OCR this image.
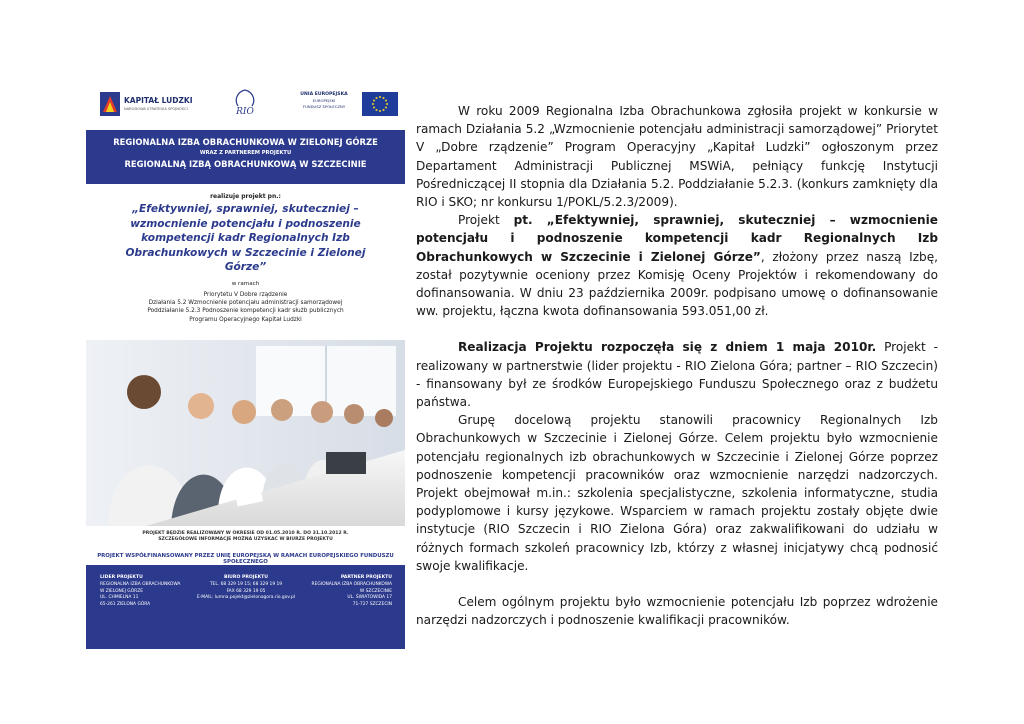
KAPITAŁ LUDZKI
NARODOWA STRATEGIA SPÓJNOŚCI	RIO
UNIA EUROPEJSKA
EUROPEJSKI
FUNDUSZ SPOŁECZNY
REGIONALNA IZBA OBRACHUNKOWA W ZIELONEJ GÓRZE
WRAZ Z PARTNEREM PROJEKTU
REGIONALNĄ IZBĄ OBRACHUNKOWĄ W SZCZECINIE
realizuje projekt pn.:
„Efektywniej, sprawniej, skuteczniej – wzmocnienie potencjału i podnoszenie kompetencji kadr Regionalnych Izb Obrachunkowych w Szczecinie i Zielonej Górze”
w ramach
Priorytetu V Dobre rządzenie
Działania 5.2 Wzmocnienie potencjału administracji samorządowej
Poddziałanie 5.2.3 Podnoszenie kompetencji kadr służb publicznych
Programu Operacyjnego Kapitał Ludzki
PROJEKT BĘDZIE REALIZOWANY W OKRESIE OD 01.05.2010 R. DO 31.10.2012 R.
SZCZEGÓŁOWE INFORMACJE MOŻNA UZYSKAĆ W BIURZE PROJEKTU
PROJEKT WSPÓŁFINANSOWANY PRZEZ UNIĘ EUROPEJSKĄ W RAMACH EUROPEJSKIEGO FUNDUSZU SPOŁECZNEGO
LIDER PROJEKTU
REGIONALNA IZBA OBRACHUNKOWA
W ZIELONEJ GÓRZE
UL. CHMIELNA 11
65-261 ZIELONA GÓRA
BIURO PROJEKTU
TEL. 68 329 19 15; 68 329 19 19
FAX 68 329 19 05
E-MAIL: lumna.pojekt@zielonagora.rio.gov.pl
PARTNER PROJEKTU
REGIONALNA IZBA OBRACHUNKOWA
W SZCZECINIE
UL. ŚWIATOWIDA 17
71-727 SZCZECIN

W roku 2009 Regionalna Izba Obrachunkowa zgłosiła projekt w konkursie w ramach Działania 5.2 „Wzmocnienie potencjału administracji samorządowej” Priorytet V „Dobre rządzenie” Program Operacyjny „Kapitał Ludzki” ogłoszonym przez Departament Administracji Publicznej MSWiA, pełniący funkcję Instytucji Pośredniczącej II stopnia dla Działania 5.2. Poddziałanie 5.2.3. (konkurs zamknięty dla RIO i SKO; nr konkursu 1/POKL/5.2.3/2009).

Projekt pt. „Efektywniej, sprawniej, skuteczniej – wzmocnienie potencjału i podnoszenie kompetencji kadr Regionalnych Izb Obrachunkowych w Szczecinie i Zielonej Górze”, złożony przez naszą Izbę, został pozytywnie oceniony przez Komisję Oceny Projektów i rekomendowany do dofinansowania. W dniu 23 października 2009r. podpisano umowę o dofinansowanie ww. projektu, łączna kwota dofinansowania 593.051,00 zł.

Realizacja Projektu rozpoczęła się z dniem 1 maja 2010r. Projekt - realizowany w partnerstwie (lider projektu - RIO Zielona Góra; partner – RIO Szczecin) - finansowany był ze środków Europejskiego Funduszu Społecznego oraz z budżetu państwa.

Grupę docelową projektu stanowili pracownicy Regionalnych Izb Obrachunkowych w Szczecinie i Zielonej Górze. Celem projektu było wzmocnienie potencjału regionalnych izb obrachunkowych w Szczecinie i Zielonej Górze poprzez podnoszenie kompetencji pracowników oraz wzmocnienie narzędzi nadzorczych. Projekt obejmował m.in.: szkolenia specjalistyczne, szkolenia informatyczne, studia podyplomowe i kursy językowe. Wsparciem w ramach projektu zostały objęte dwie instytucje (RIO Szczecin i RIO Zielona Góra) oraz zakwalifikowani do udziału w różnych formach szkoleń pracownicy Izb, którzy z własnej inicjatywy chcą podnosić swoje kwalifikacje.

Celem ogólnym projektu było wzmocnienie potencjału Izb poprzez wdrożenie narzędzi nadzorczych i podnoszenie kwalifikacji pracowników.
